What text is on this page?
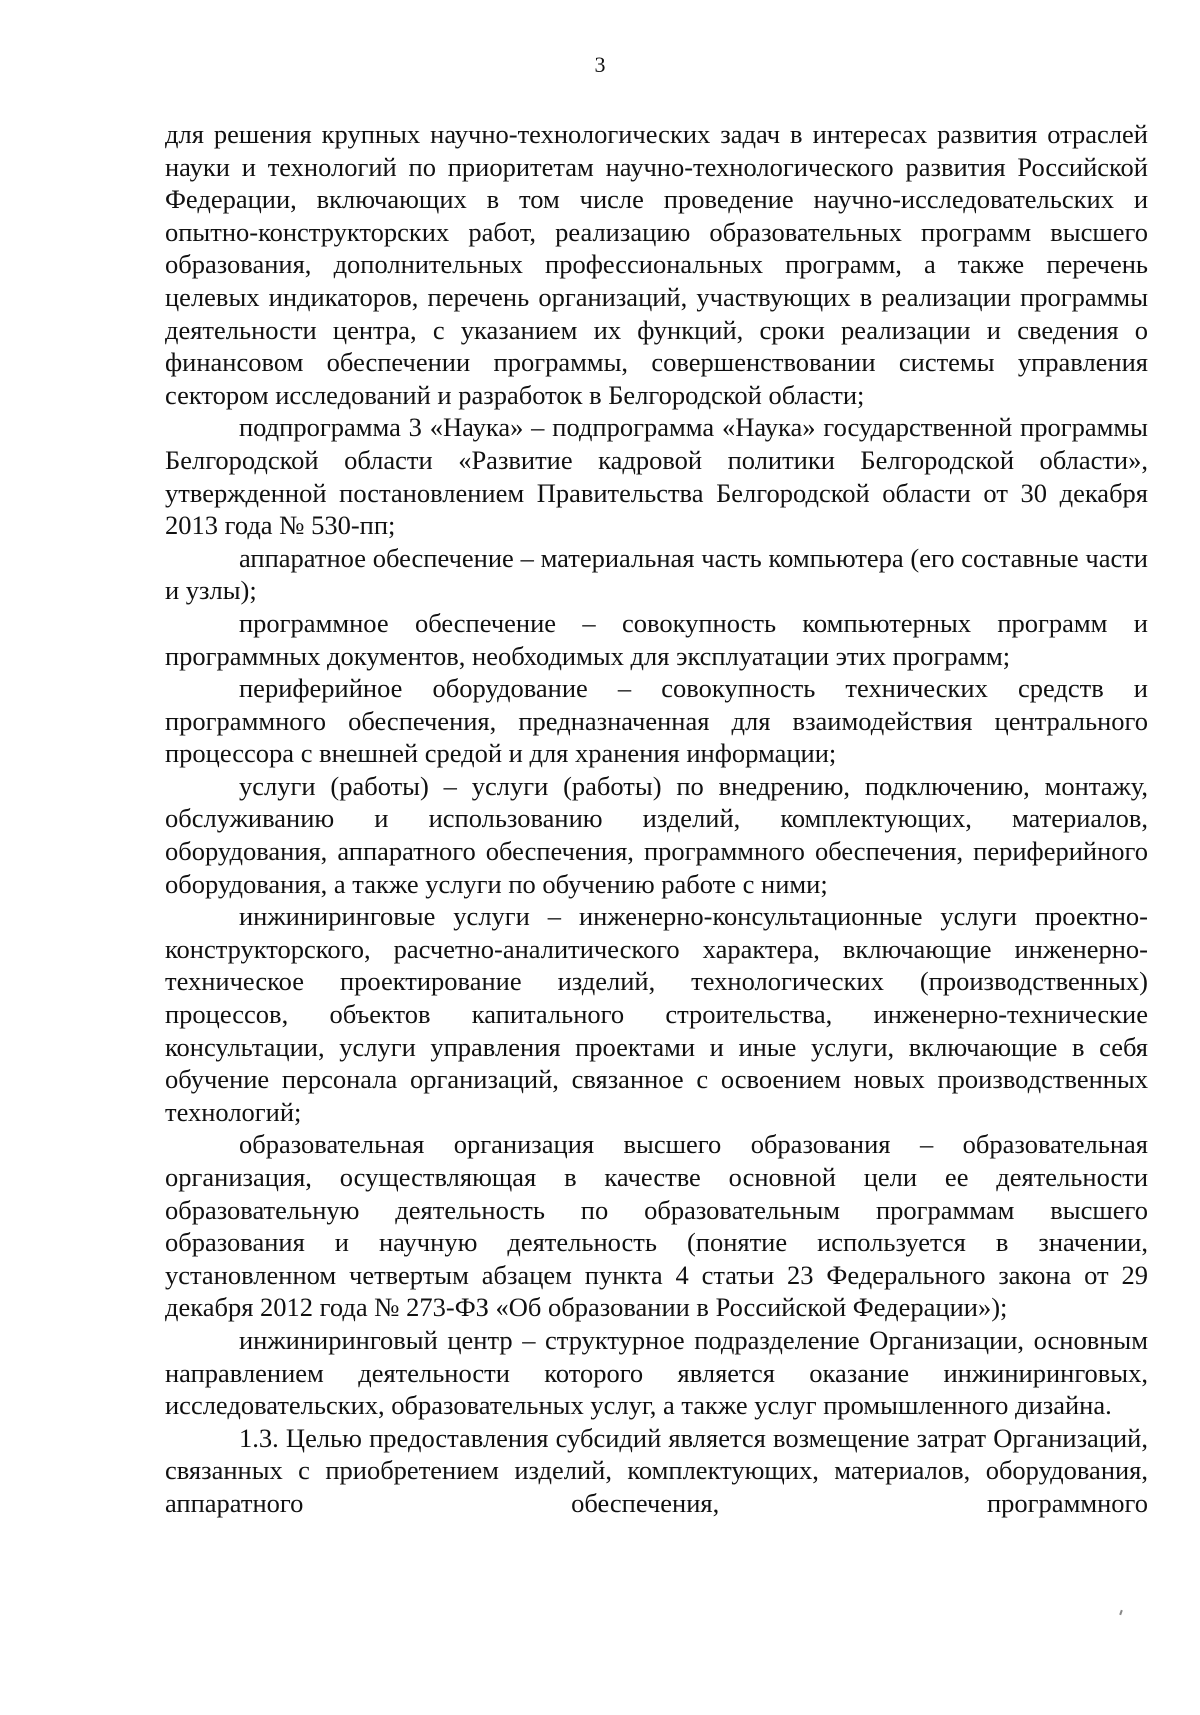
3

для решения крупных научно-технологических задач в интересах развития отраслей науки и технологий по приоритетам научно-технологического развития Российской Федерации, включающих в том числе проведение научно-исследовательских и опытно-конструкторских работ, реализацию образовательных программ высшего образования, дополнительных профессиональных программ, а также перечень целевых индикаторов, перечень организаций, участвующих в реализации программы деятельности центра, с указанием их функций, сроки реализации и сведения о финансовом обеспечении программы, совершенствовании системы управления сектором исследований и разработок в Белгородской области;

подпрограмма 3 «Наука» – подпрограмма «Наука» государственной программы Белгородской области «Развитие кадровой политики Белгородской области», утвержденной постановлением Правительства Белгородской области от 30 декабря 2013 года № 530-пп;

аппаратное обеспечение – материальная часть компьютера (его составные части и узлы);

программное обеспечение – совокупность компьютерных программ и программных документов, необходимых для эксплуатации этих программ;

периферийное оборудование – совокупность технических средств и программного обеспечения, предназначенная для взаимодействия центрального процессора с внешней средой и для хранения информации;

услуги (работы) – услуги (работы) по внедрению, подключению, монтажу, обслуживанию и использованию изделий, комплектующих, материалов, оборудования, аппаратного обеспечения, программного обеспечения, периферийного оборудования, а также услуги по обучению работе с ними;

инжиниринговые услуги – инженерно-консультационные услуги проектно-конструкторского, расчетно-аналитического характера, включающие инженерно-техническое проектирование изделий, технологических (производственных) процессов, объектов капитального строительства, инженерно-технические консультации, услуги управления проектами и иные услуги, включающие в себя обучение персонала организаций, связанное с освоением новых производственных технологий;

образовательная организация высшего образования – образовательная организация, осуществляющая в качестве основной цели ее деятельности образовательную деятельность по образовательным программам высшего образования и научную деятельность (понятие используется в значении, установленном четвертым абзацем пункта 4 статьи 23 Федерального закона от 29 декабря 2012 года № 273-ФЗ «Об образовании в Российской Федерации»);

инжиниринговый центр – структурное подразделение Организации, основным направлением деятельности которого является оказание инжиниринговых, исследовательских, образовательных услуг, а также услуг промышленного дизайна.

1.3. Целью предоставления субсидий является возмещение затрат Организаций, связанных с приобретением изделий, комплектующих, материалов, оборудования, аппаратного обеспечения, программного
